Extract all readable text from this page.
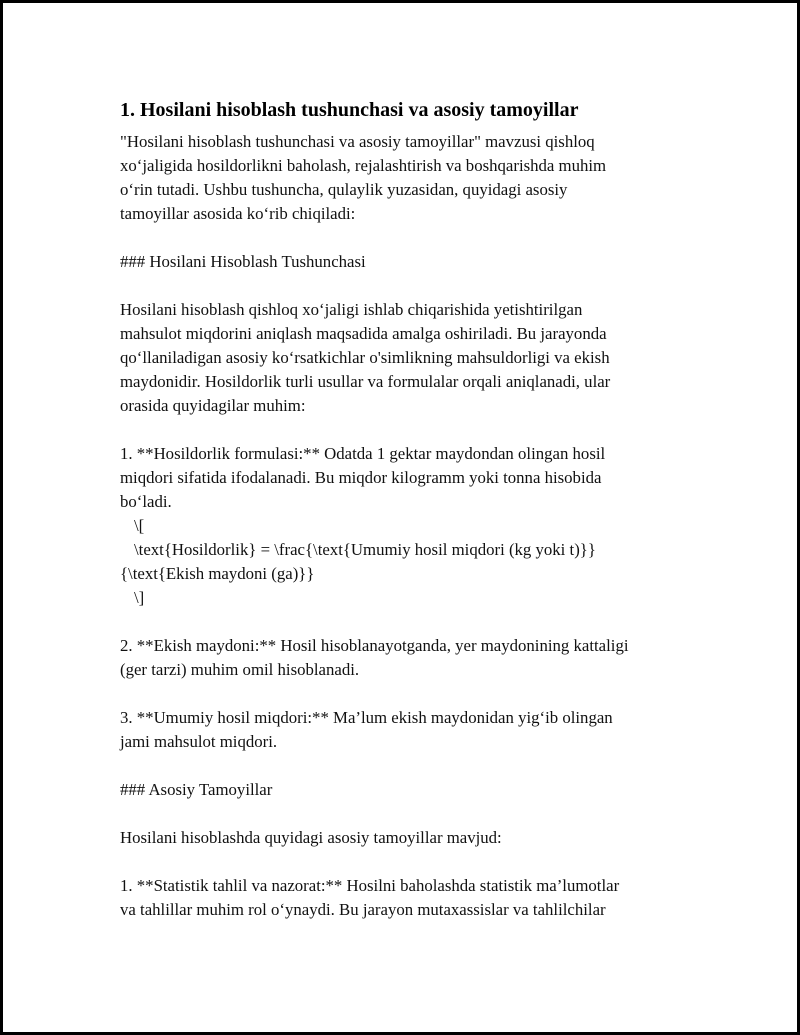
1. Hosilani hisoblash tushunchasi va asosiy tamoyillar
"Hosilani hisoblash tushunchasi va asosiy tamoyillar" mavzusi qishloq
xo‘jaligida hosildorlikni baholash, rejalashtirish va boshqarishda muhim
o‘rin tutadi. Ushbu tushuncha, qulaylik yuzasidan, quyidagi asosiy
tamoyillar asosida ko‘rib chiqiladi:
### Hosilani Hisoblash Tushunchasi
Hosilani hisoblash qishloq xo‘jaligi ishlab chiqarishida yetishtirilgan
mahsulot miqdorini aniqlash maqsadida amalga oshiriladi. Bu jarayonda
qo‘llaniladigan asosiy ko‘rsatkichlar o'simlikning mahsuldorligi va ekish
maydonidir. Hosildorlik turli usullar va formulalar orqali aniqlanadi, ular
orasida quyidagilar muhim:
1. **Hosildorlik formulasi:** Odatda 1 gektar maydondan olingan hosil
miqdori sifatida ifodalanadi. Bu miqdor kilogramm yoki tonna hisobida
bo‘ladi.
\[
\text{Hosildorlik} = \frac{\text{Umumiy hosil miqdori (kg yoki t)}}
{\text{Ekish maydoni (ga)}}
\]
2. **Ekish maydoni:** Hosil hisoblanayotganda, yer maydonining kattaligi
(ger tarzi) muhim omil hisoblanadi.
3. **Umumiy hosil miqdori:** Ma’lum ekish maydonidan yig‘ib olingan
jami mahsulot miqdori.
### Asosiy Tamoyillar
Hosilani hisoblashda quyidagi asosiy tamoyillar mavjud:
1. **Statistik tahlil va nazorat:** Hosilni baholashda statistik ma’lumotlar
va tahlillar muhim rol o‘ynaydi. Bu jarayon mutaxassislar va tahlilchilar
